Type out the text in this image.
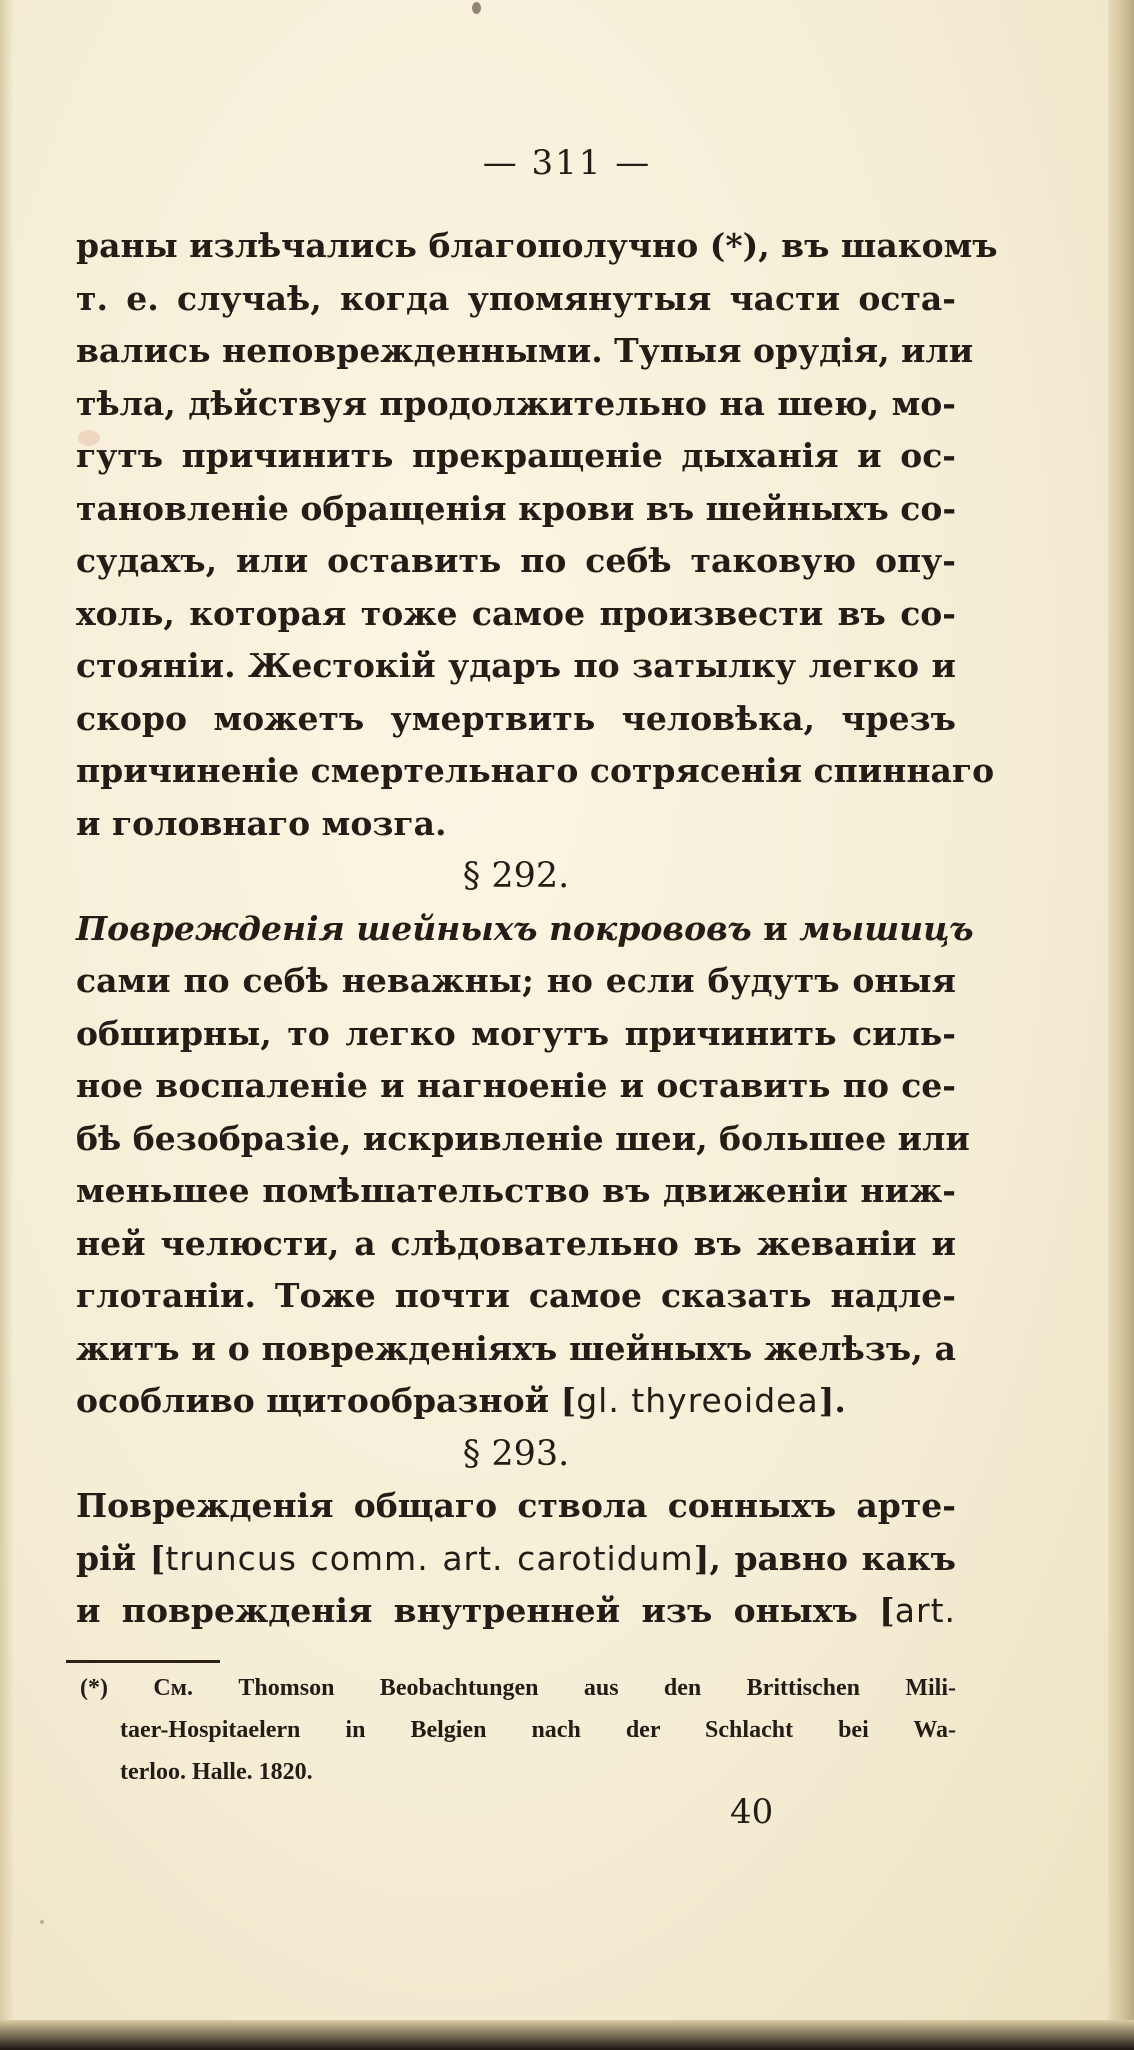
— 311 —
раны излѣчались благополучно (*), въ шакомъ
т. е. случаѣ, когда упомянутыя части оста-
вались неповрежденными. Тупыя орудія, или
тѣла, дѣйствуя продолжительно на шею, мо-
гутъ причинить прекращеніе дыханія и ос-
тановленіе обращенія крови въ шейныхъ со-
судахъ, или оставить по себѣ таковую опу-
холь, которая тоже самое произвести въ со-
стояніи. Жестокій ударъ по затылку легко и
скоро можетъ умертвить человѣка, чрезъ
причиненіе смертельнаго сотрясенія спиннаго
и головнаго мозга.
§ 292.
Поврежденія шейныхъ покрововъ и мышицъ
сами по себѣ неважны; но если будутъ оныя
обширны, то легко могутъ причинить силь-
ное воспаленіе и нагноеніе и оставить по се-
бѣ безобразіе, искривленіе шеи, большее или
меньшее помѣшательство въ движеніи ниж-
ней челюсти, а слѣдовательно въ жеваніи и
глотаніи. Тоже почти самое сказать надле-
житъ и о поврежденіяхъ шейныхъ желѣзъ, а
особливо щитообразной [gl. thyreoidea].
§ 293.
Поврежденія общаго ствола сонныхъ арте-
рій [truncus comm. art. carotidum], равно какъ
и поврежденія внутренней изъ оныхъ [art.
(*) См. Thomson Beobachtungen aus den Brittischen Mili-
taer-Hospitaelern in Belgien nach der Schlacht bei Wa-
terloo. Halle. 1820.
40
